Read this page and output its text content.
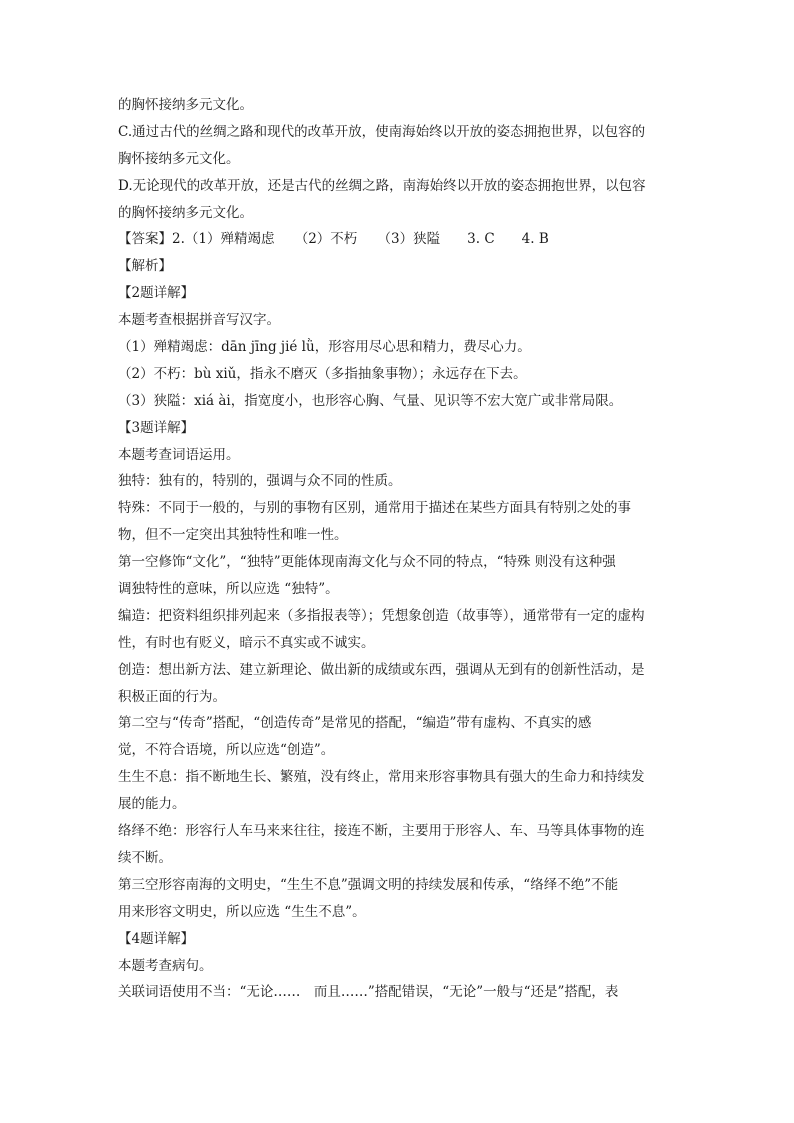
的胸怀接纳多元文化。
C.通过古代的丝绸之路和现代的改革开放，使南海始终以开放的姿态拥抱世界，以包容的
胸怀接纳多元文化。
D.无论现代的改革开放，还是古代的丝绸之路，南海始终以开放的姿态拥抱世界，以包容
的胸怀接纳多元文化。
【答案】2.（1）殚精竭虑　　（2）不朽　　（3）狭隘　　3. C　　4. B
【解析】
【2题详解】
本题考查根据拼音写汉字。
（1）殚精竭虑：dān jīng jié lǜ，形容用尽心思和精力，费尽心力。
（2）不朽：bù xiǔ，指永不磨灭（多指抽象事物）；永远存在下去。
（3）狭隘：xiá ài，指宽度小，也形容心胸、气量、见识等不宏大宽广或非常局限。
【3题详解】
本题考查词语运用。
独特：独有的，特别的，强调与众不同的性质。
特殊：不同于一般的，与别的事物有区别，通常用于描述在某些方面具有特别之处的事
物，但不一定突出其独特性和唯一性。
第一空修饰“文化”，“独特”更能体现南海文化与众不同的特点，“特殊 则没有这种强
调独特性的意味，所以应选 “独特”。
编造：把资料组织排列起来（多指报表等）；凭想象创造（故事等），通常带有一定的虚构
性，有时也有贬义，暗示不真实或不诚实。
创造：想出新方法、建立新理论、做出新的成绩或东西，强调从无到有的创新性活动，是
积极正面的行为。
第二空与“传奇”搭配，“创造传奇”是常见的搭配，“编造”带有虚构、不真实的感
觉，不符合语境，所以应选“创造”。
生生不息：指不断地生长、繁殖，没有终止，常用来形容事物具有强大的生命力和持续发
展的能力。
络绎不绝：形容行人车马来来往往，接连不断，主要用于形容人、车、马等具体事物的连
续不断。
第三空形容南海的文明史，“生生不息”强调文明的持续发展和传承，“络绎不绝”不能
用来形容文明史，所以应选 “生生不息”。
【4题详解】
本题考查病句。
关联词语使用不当：“无论……　而且……”搭配错误，“无论”一般与“还是”搭配，表
